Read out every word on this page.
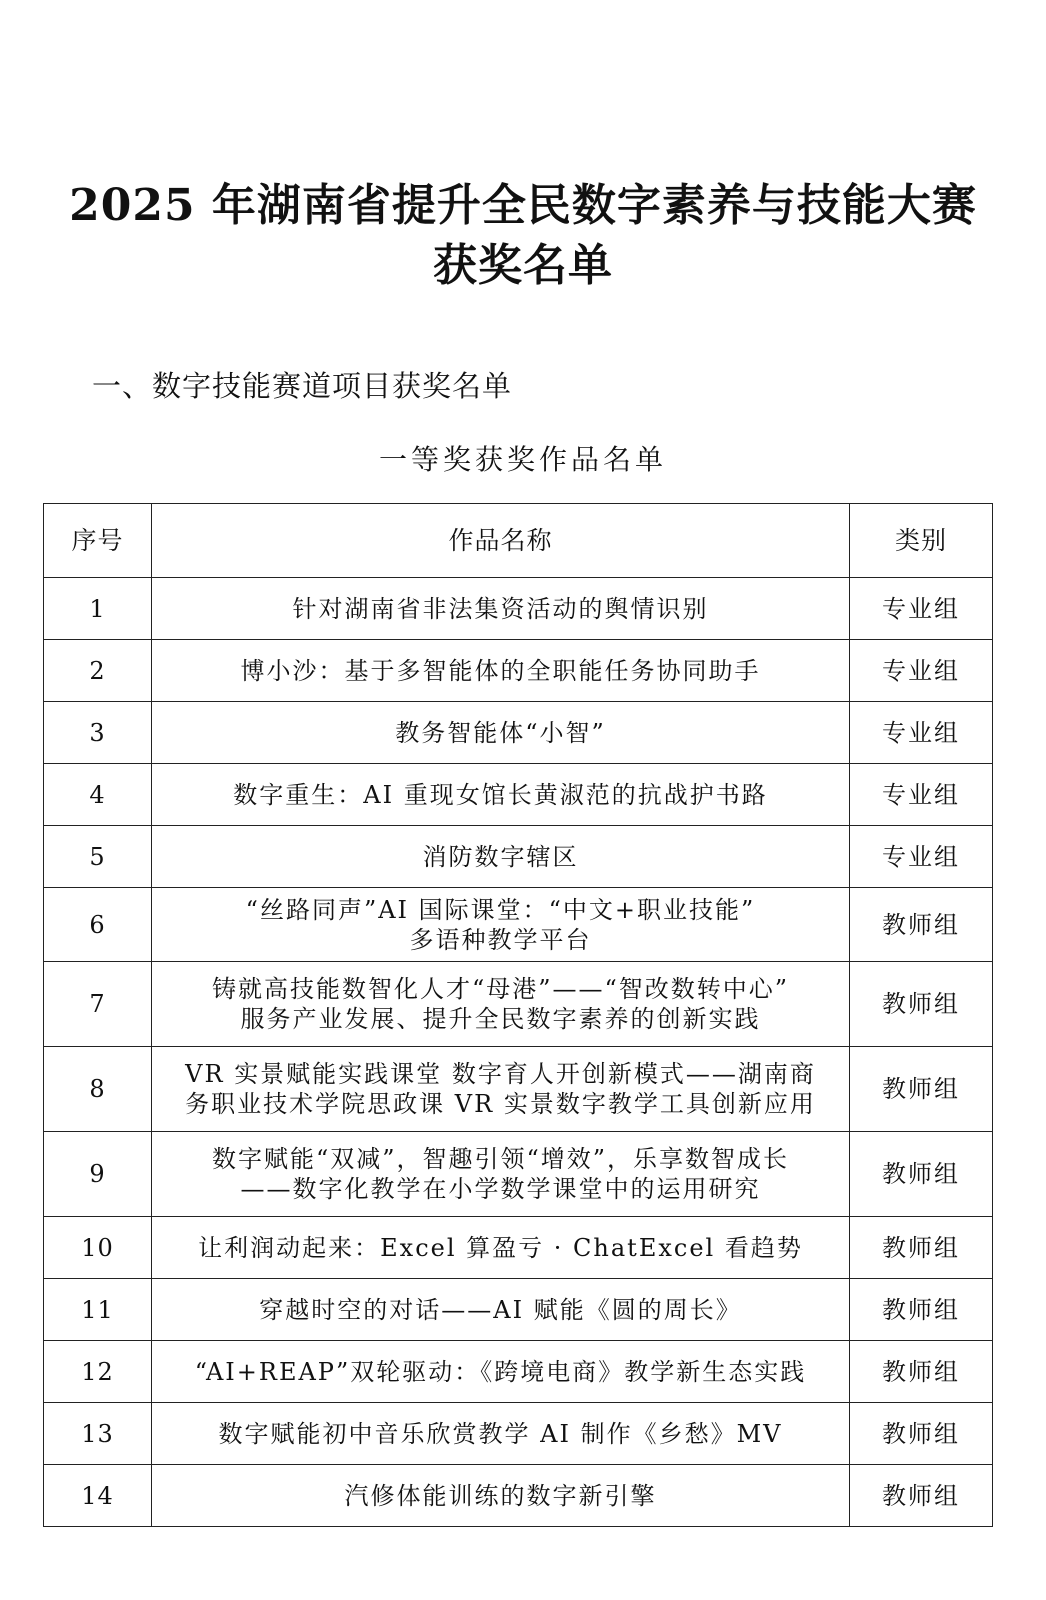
2025 年湖南省提升全民数字素养与技能大赛
获奖名单
一、数字技能赛道项目获奖名单
一等奖获奖作品名单
序号	作品名称	类别
1	针对湖南省非法集资活动的舆情识别	专业组
2	博小沙：基于多智能体的全职能任务协同助手	专业组
3	教务智能体“小智”	专业组
4	数字重生：AI 重现女馆长黄淑范的抗战护书路	专业组
5	消防数字辖区	专业组
6	“丝路同声”AI 国际课堂：“中文+职业技能”
多语种教学平台	教师组
7	铸就高技能数智化人才“母港”——“智改数转中心”
服务产业发展、提升全民数字素养的创新实践	教师组
8	VR 实景赋能实践课堂 数字育人开创新模式——湖南商
务职业技术学院思政课 VR 实景数字教学工具创新应用	教师组
9	数字赋能“双减”，智趣引领“增效”，乐享数智成长
——数字化教学在小学数学课堂中的运用研究	教师组
10	让利润动起来：Excel 算盈亏 · ChatExcel 看趋势	教师组
11	穿越时空的对话——AI 赋能《圆的周长》	教师组
12	“AI+REAP”双轮驱动：《跨境电商》教学新生态实践	教师组
13	数字赋能初中音乐欣赏教学 AI 制作《乡愁》MV	教师组
14	汽修体能训练的数字新引擎	教师组
